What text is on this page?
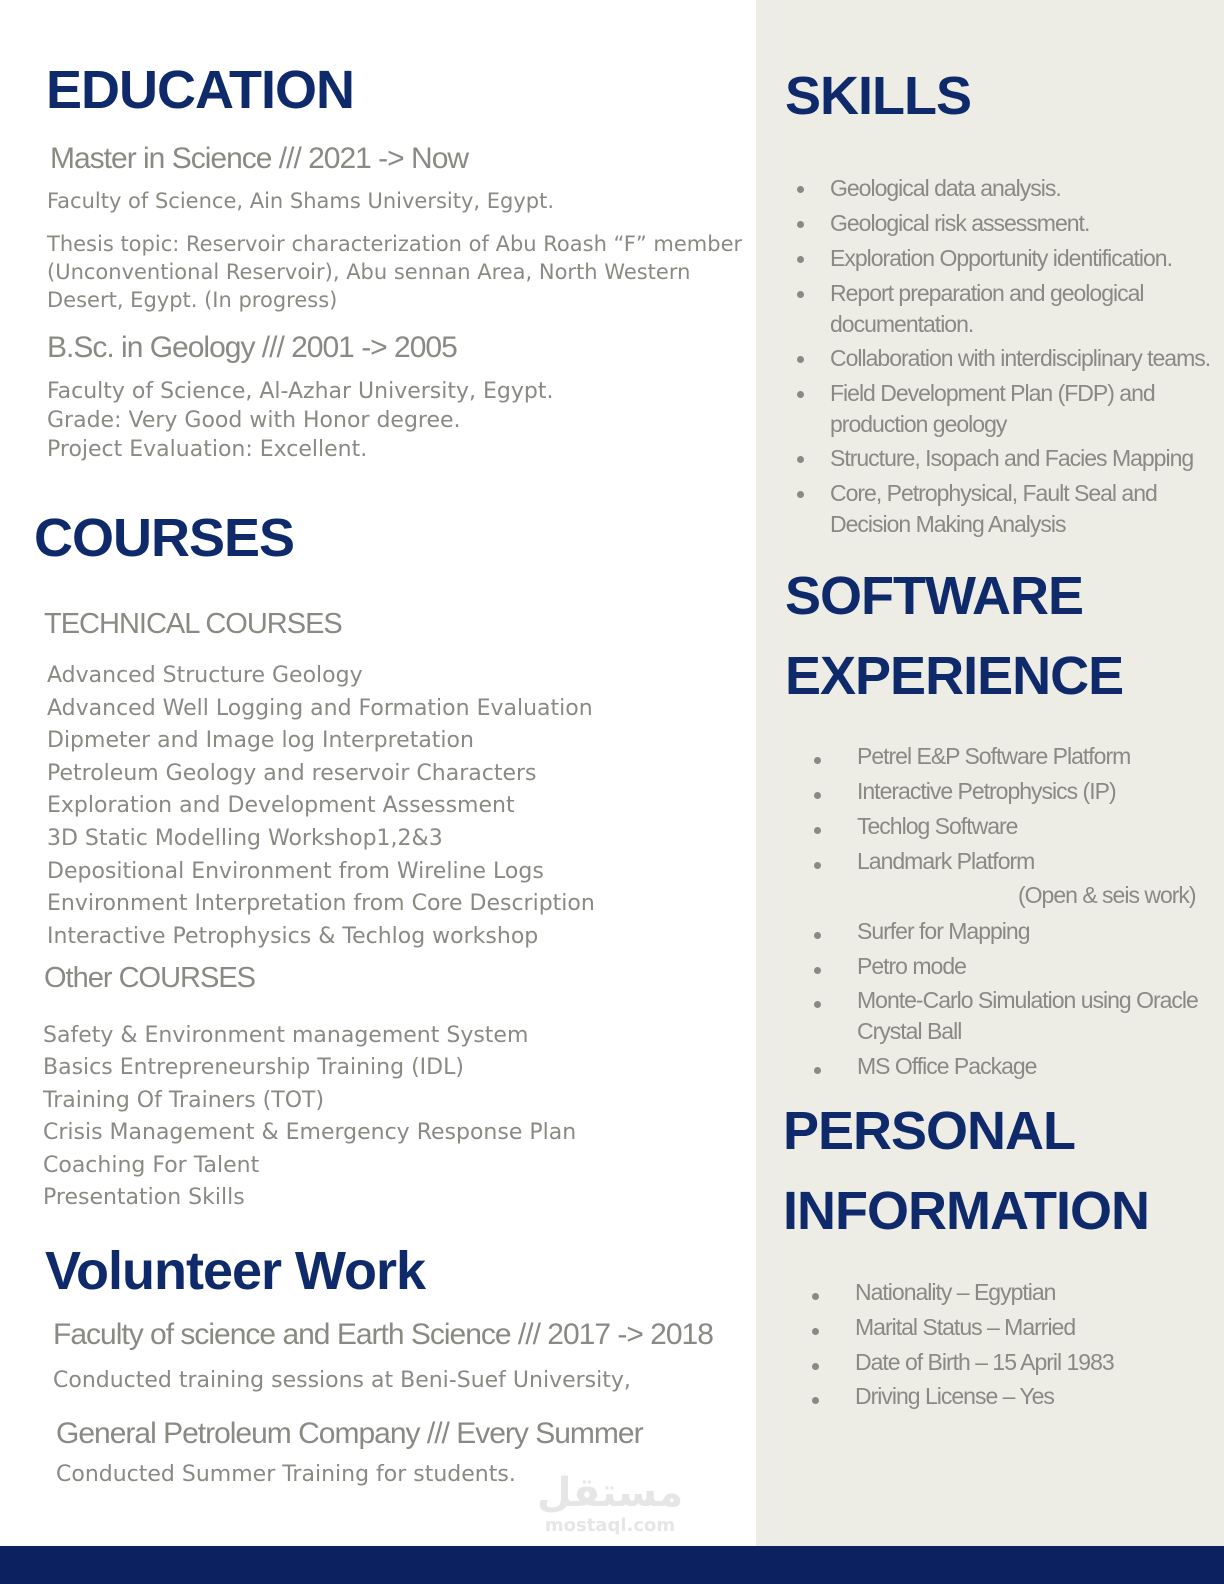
EDUCATION
Master in Science /// 2021 -> Now
Faculty of Science, Ain Shams University, Egypt.
Thesis topic: Reservoir characterization of Abu Roash “F” member
(Unconventional Reservoir), Abu sennan Area, North Western
Desert, Egypt. (In progress)
B.Sc. in Geology /// 2001 -> 2005
Faculty of Science, Al-Azhar University, Egypt.
Grade: Very Good with Honor degree.
Project Evaluation: Excellent.
COURSES
TECHNICAL COURSES
Advanced Structure Geology
Advanced Well Logging and Formation Evaluation
Dipmeter and Image log Interpretation
Petroleum Geology and reservoir Characters
Exploration and Development Assessment
3D Static Modelling Workshop1,2&3
Depositional Environment from Wireline Logs
Environment Interpretation from Core Description
Interactive Petrophysics & Techlog workshop
Other COURSES
Safety & Environment management System
Basics Entrepreneurship Training (IDL)
Training Of Trainers (TOT)
Crisis Management & Emergency Response Plan
Coaching For Talent
Presentation Skills
Volunteer Work
Faculty of science and Earth Science /// 2017 -> 2018
Conducted training sessions at Beni-Suef University,
General Petroleum Company /// Every Summer
Conducted Summer Training for students.
SKILLS
Geological data analysis.
Geological risk assessment.
Exploration Opportunity identification.
Report preparation and geological
documentation.
Collaboration with interdisciplinary teams.
Field Development Plan (FDP) and
production geology
Structure, Isopach and Facies Mapping
Core, Petrophysical, Fault Seal and
Decision Making Analysis
SOFTWARE
EXPERIENCE
Petrel E&P Software Platform
Interactive Petrophysics (IP)
Techlog Software
Landmark Platform
(Open & seis work)
Surfer for Mapping
Petro mode
Monte-Carlo Simulation using Oracle
Crystal Ball
MS Office Package
PERSONAL
INFORMATION
Nationality – Egyptian
Marital Status – Married
Date of Birth – 15 April 1983
Driving License – Yes
مستقل
mostaql.com
